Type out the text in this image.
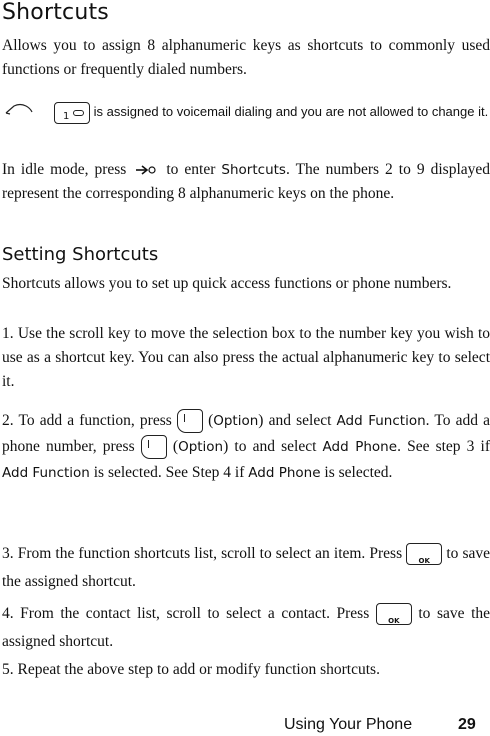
Shortcuts
Allows you to assign 8 alphanumeric keys as shortcuts to commonly used functions or frequently dialed numbers.
1 is assigned to voicemail dialing and you are not allowed to change it.
In idle mode, press	to enter Shortcuts. The numbers 2 to 9 displayed represent the corresponding 8 alphanumeric keys on the phone.
Setting Shortcuts
Shortcuts allows you to set up quick access functions or phone numbers.
1. Use the scroll key to move the selection box to the number key you wish to use as a shortcut key. You can also press the actual alphanumeric key to select it.
2. To add a function, press (Option) and select Add Function. To add a phone number, press (Option) to and select Add Phone. See step 3 if Add Function is selected. See Step 4 if Add Phone is selected.
3. From the function shortcuts list, scroll to select an item. Press	OK	to save the assigned shortcut.
4. From the contact list, scroll to select a contact. Press	OK	to save the assigned shortcut.
5. Repeat the above step to add or modify function shortcuts.
Using Your Phone	29
